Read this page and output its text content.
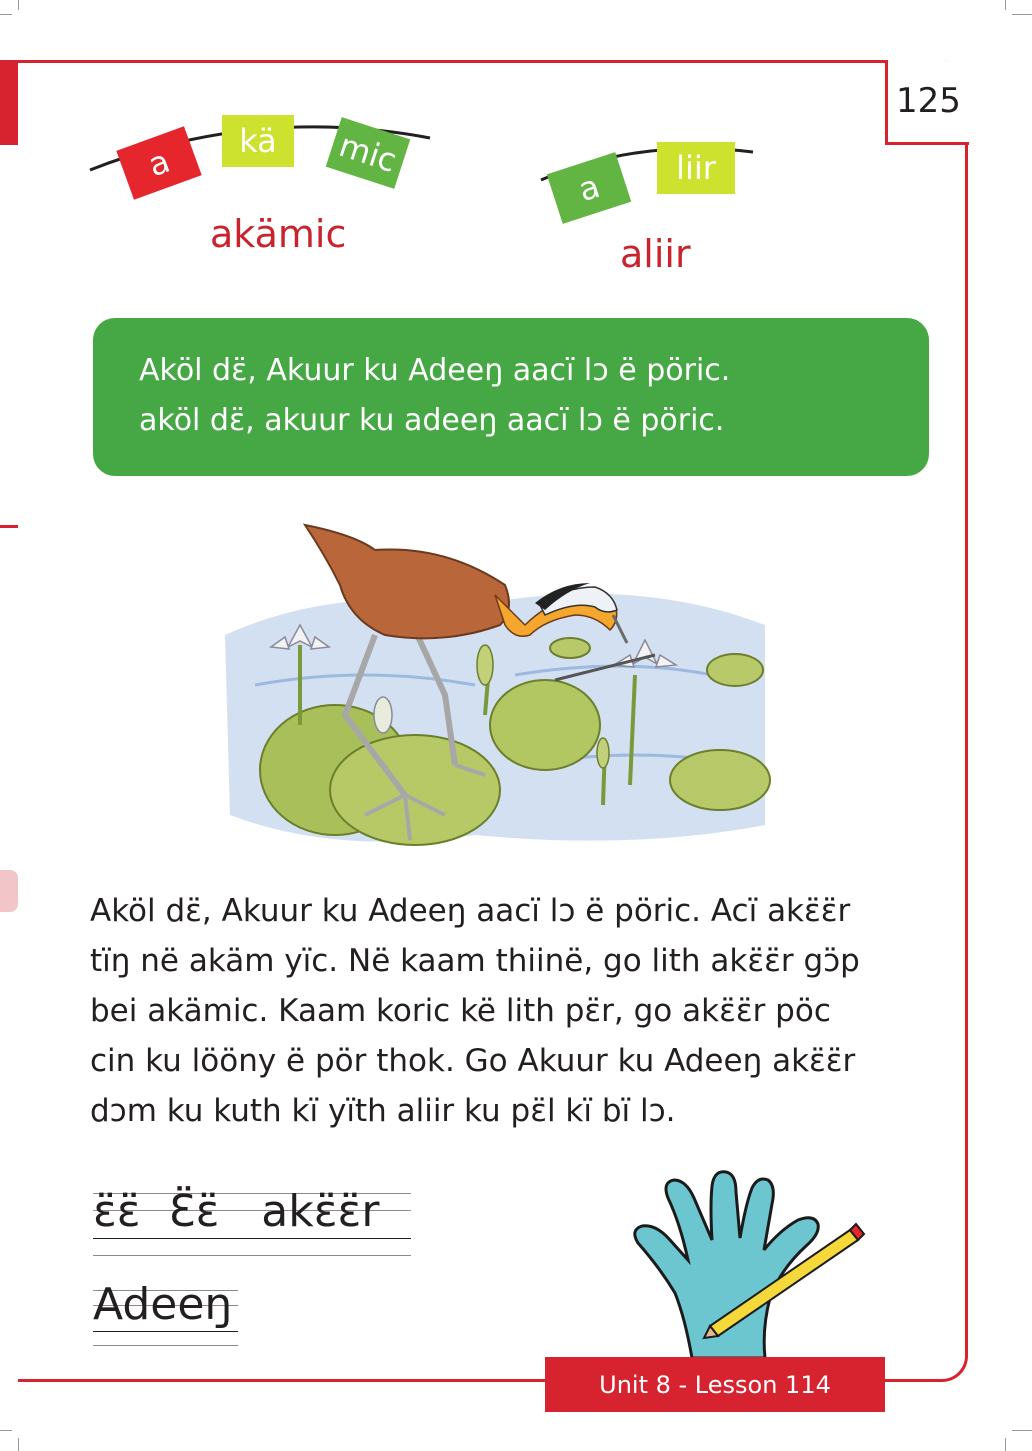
125
a
kä	mic
akämic
a	liir
aliir
Aköl dɛ̈, Akuur ku Adeeŋ aacï lɔ ë pöric.
aköl dɛ̈, akuur ku adeeŋ aacï lɔ ë pöric.
Aköl dɛ̈, Akuur ku Adeeŋ aacï lɔ ë pöric. Acï akɛ̈ɛ̈r
tïŋ në akäm yïc. Në kaam thiinë, go lith akɛ̈ɛ̈r gɔ̈p
bei akämic. Kaam koric kë lith pɛ̈r, go akɛ̈ɛ̈r pöc
cin ku lööny ë pör thok. Go Akuur ku Adeeŋ akɛ̈ɛ̈r
dɔm ku kuth kï yïth aliir ku pɛ̈l kï bï lɔ.
ɛ̈ɛ̈  Ɛ̈ɛ̈   akɛ̈ɛ̈r
Adeeŋ
Unit 8 - Lesson 114
